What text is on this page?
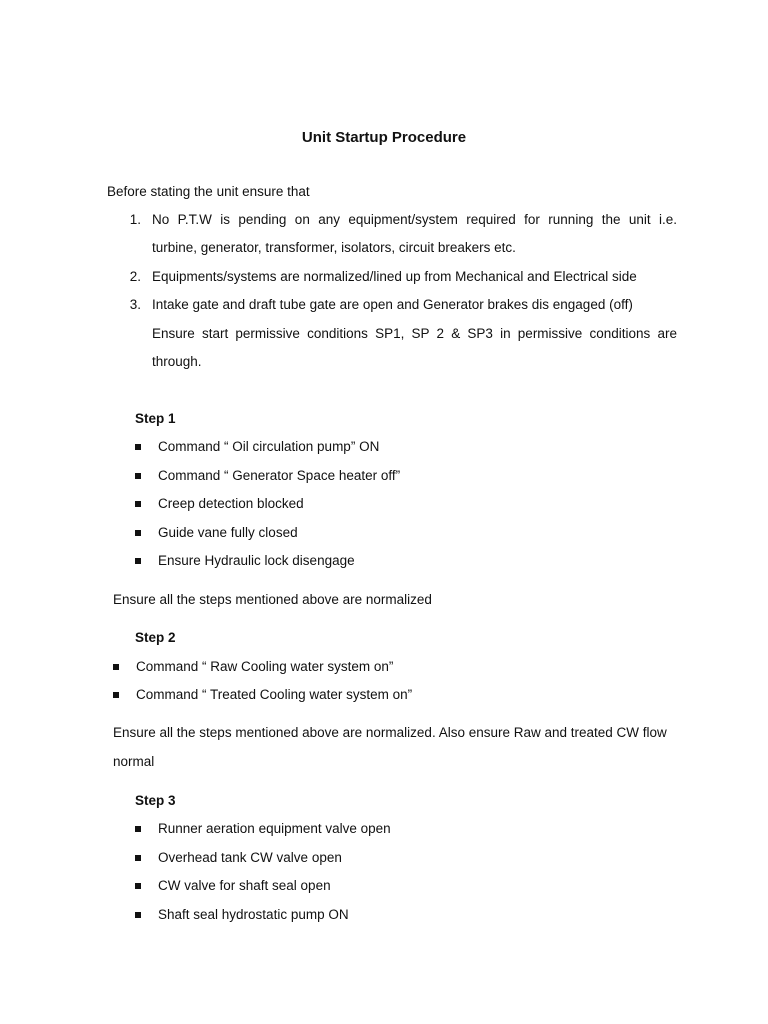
Unit Startup Procedure
Before stating the unit ensure that
1. No P.T.W is pending on any equipment/system required for running the unit i.e.
turbine, generator, transformer, isolators, circuit breakers etc.
2. Equipments/systems are normalized/lined up from Mechanical and Electrical side
3. Intake gate and draft tube gate are open and Generator brakes dis engaged (off)
Ensure start permissive conditions SP1, SP 2 & SP3 in permissive conditions are
through.
Step 1
Command “ Oil circulation pump” ON
Command “ Generator Space heater off”
Creep detection blocked
Guide vane fully closed
Ensure Hydraulic lock disengage
Ensure all the steps mentioned above are normalized
Step 2
Command “ Raw Cooling water system on”
Command “ Treated Cooling water system on”
Ensure all the steps mentioned above are normalized. Also ensure Raw and treated CW flow
normal
Step 3
Runner aeration equipment valve open
Overhead tank CW valve open
CW valve for shaft seal open
Shaft seal hydrostatic pump ON
